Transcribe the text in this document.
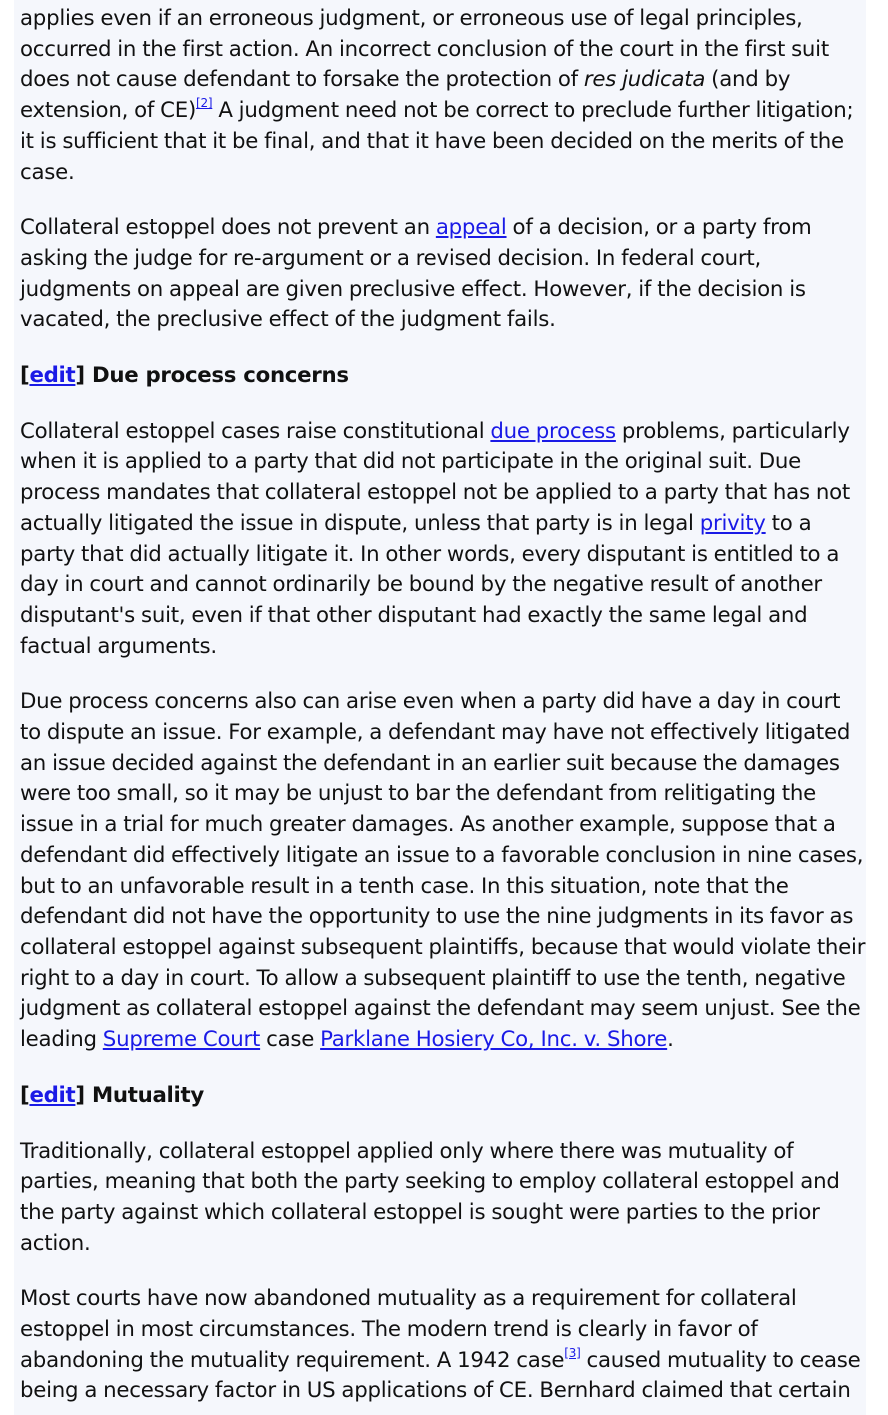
applies even if an erroneous judgment, or erroneous use of legal principles, occurred in the first action. An incorrect conclusion of the court in the first suit does not cause defendant to forsake the protection of res judicata (and by extension, of CE)[2] A judgment need not be correct to preclude further litigation; it is sufficient that it be final, and that it have been decided on the merits of the case.

Collateral estoppel does not prevent an appeal of a decision, or a party from asking the judge for re-argument or a revised decision. In federal court, judgments on appeal are given preclusive effect. However, if the decision is vacated, the preclusive effect of the judgment fails.

[edit] Due process concerns

Collateral estoppel cases raise constitutional due process problems, particularly when it is applied to a party that did not participate in the original suit. Due process mandates that collateral estoppel not be applied to a party that has not actually litigated the issue in dispute, unless that party is in legal privity to a party that did actually litigate it. In other words, every disputant is entitled to a day in court and cannot ordinarily be bound by the negative result of another disputant's suit, even if that other disputant had exactly the same legal and factual arguments.

Due process concerns also can arise even when a party did have a day in court to dispute an issue. For example, a defendant may have not effectively litigated an issue decided against the defendant in an earlier suit because the damages were too small, so it may be unjust to bar the defendant from relitigating the issue in a trial for much greater damages. As another example, suppose that a defendant did effectively litigate an issue to a favorable conclusion in nine cases, but to an unfavorable result in a tenth case. In this situation, note that the defendant did not have the opportunity to use the nine judgments in its favor as collateral estoppel against subsequent plaintiffs, because that would violate their right to a day in court. To allow a subsequent plaintiff to use the tenth, negative judgment as collateral estoppel against the defendant may seem unjust. See the leading Supreme Court case Parklane Hosiery Co, Inc. v. Shore.

[edit] Mutuality

Traditionally, collateral estoppel applied only where there was mutuality of parties, meaning that both the party seeking to employ collateral estoppel and the party against which collateral estoppel is sought were parties to the prior action.

Most courts have now abandoned mutuality as a requirement for collateral estoppel in most circumstances. The modern trend is clearly in favor of abandoning the mutuality requirement. A 1942 case[3] caused mutuality to cease being a necessary factor in US applications of CE. Bernhard claimed that certain
